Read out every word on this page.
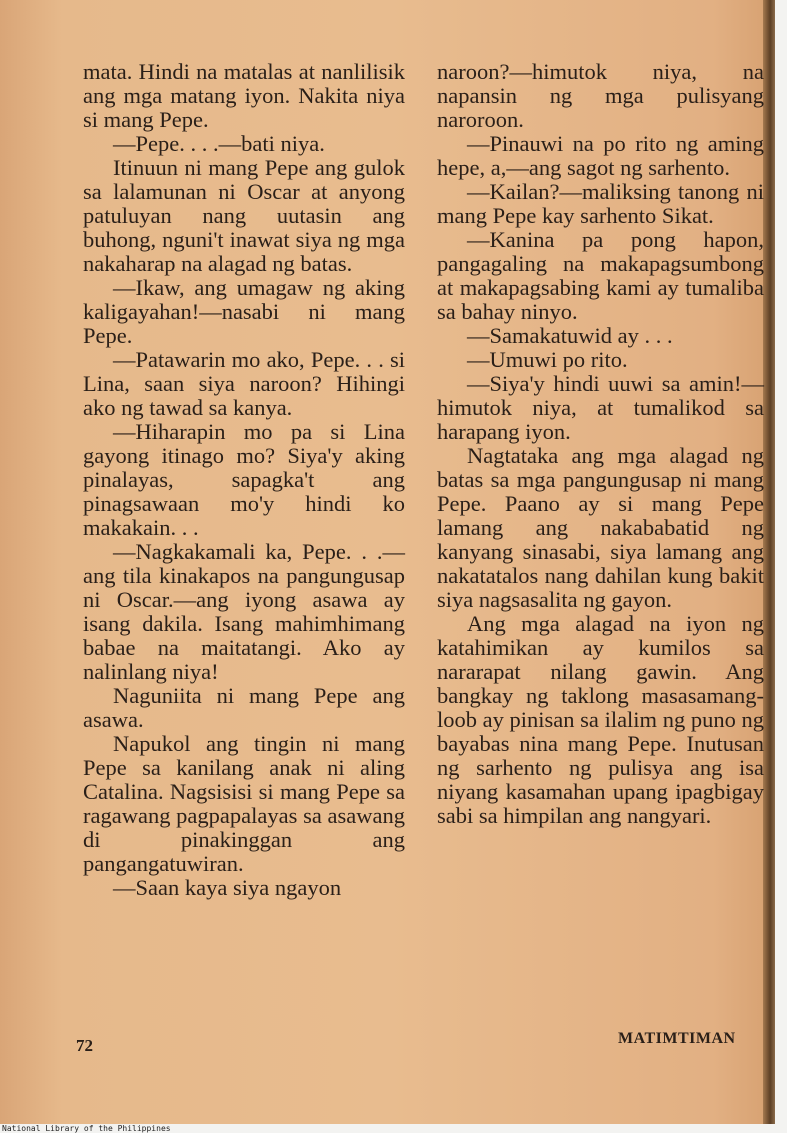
mata. Hindi na matalas at nanlilisik ang mga matang iyon. Nakita niya si mang Pepe.

—Pepe. . . .—bati niya.

Itinuun ni mang Pepe ang gulok sa lalamunan ni Oscar at anyong patuluyan nang uutasin ang buhong, nguni't inawat siya ng mga nakaharap na alagad ng batas.

—Ikaw, ang umagaw ng aking kaligayahan!—nasabi ni mang Pepe.

—Patawarin mo ako, Pepe. . . si Lina, saan siya naroon? Hihingi ako ng tawad sa kanya.

—Hiharapin mo pa si Lina gayong itinago mo? Siya'y aking pinalayas, sapagka't ang pinagsawaan mo'y hindi ko makakain. . .

—Nagkakamali ka, Pepe. . .—ang tila kinakapos na pangungusap ni Oscar.—ang iyong asawa ay isang dakila. Isang mahimhimang babae na maitatangi. Ako ay nalinlang niya!

Naguniita ni mang Pepe ang asawa.

Napukol ang tingin ni mang Pepe sa kanilang anak ni aling Catalina. Nagsisisi si mang Pepe sa ragawang pagpapalayas sa asawang di pinakinggan ang pangangatuwiran.

—Saan kaya siya ngayon

naroon?—himutok niya, na napansin ng mga pulisyang naroroon.

—Pinauwi na po rito ng aming hepe, a,—ang sagot ng sarhento.

—Kailan?—maliksing tanong ni mang Pepe kay sarhento Sikat.

—Kanina pa pong hapon, pangagaling na makapagsumbong at makapagsabing kami ay tumaliba sa bahay ninyo.

—Samakatuwid ay . . .

—Umuwi po rito.

—Siya'y hindi uuwi sa amin!—himutok niya, at tumalikod sa harapang iyon.

Nagtataka ang mga alagad ng batas sa mga pangungusap ni mang Pepe. Paano ay si mang Pepe lamang ang nakababatid ng kanyang sinasabi, siya lamang ang nakatatalos nang dahilan kung bakit siya nagsasalita ng gayon.

Ang mga alagad na iyon ng katahimikan ay kumilos sa nararapat nilang gawin. Ang bangkay ng taklong masasamang-loob ay pinisan sa ilalim ng puno ng bayabas nina mang Pepe. Inutusan ng sarhento ng pulisya ang isa niyang kasamahan upang ipagbigay sabi sa himpilan ang nangyari.

72	MATIMTIMAN
National Library of the Philippines
